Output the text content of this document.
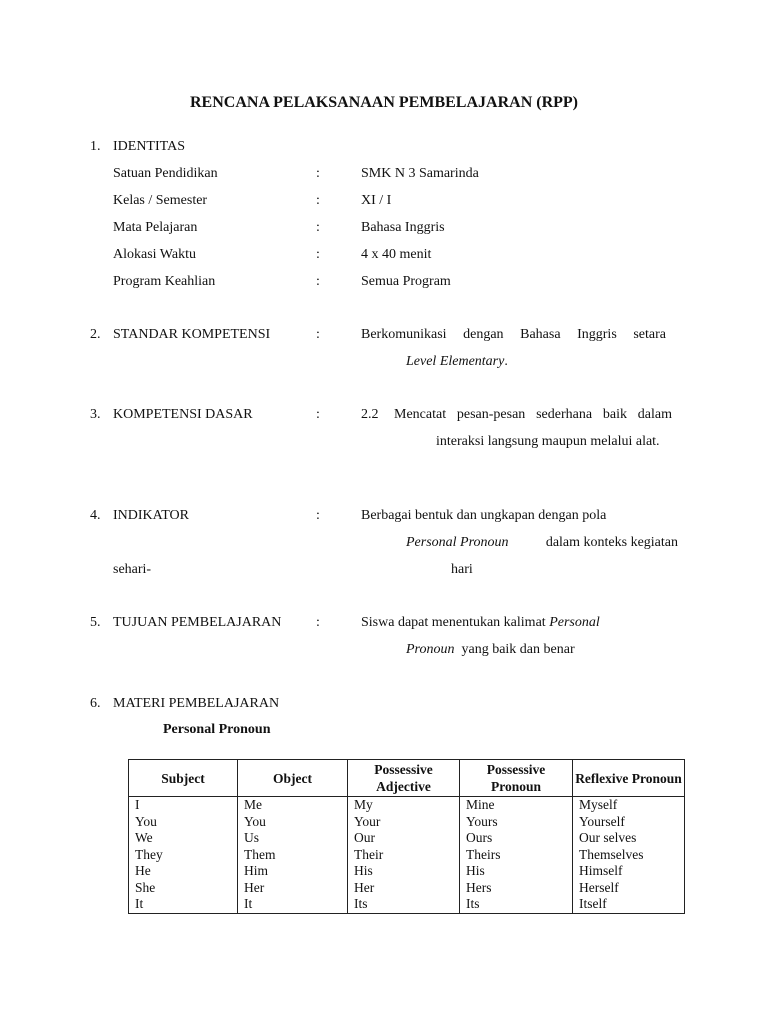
RENCANA PELAKSANAAN PEMBELAJARAN (RPP)
1. IDENTITAS
Satuan Pendidikan	:	SMK N 3 Samarinda
Kelas / Semester	:	XI / I
Mata Pelajaran	:	Bahasa Inggris
Alokasi Waktu	:	4 x 40 menit
Program Keahlian	:	Semua Program
2. STANDAR KOMPETENSI	:	Berkomunikasi dengan Bahasa Inggris setara
Level Elementary.
3. KOMPETENSI DASAR	:	2.2 Mencatat pesan-pesan sederhana baik dalam
interaksi langsung maupun melalui alat.
4. INDIKATOR	:	Berbagai bentuk dan ungkapan dengan pola
Personal Pronoun	dalam konteks kegiatan
sehari-	hari
5. TUJUAN PEMBELAJARAN :	Siswa dapat menentukan kalimat Personal
Pronoun yang baik dan benar
6. MATERI PEMBELAJARAN
Personal Pronoun
Subject	Object	Possessive Adjective	Possessive Pronoun	Reflexive Pronoun
I	Me	My	Mine	Myself
You	You	Your	Yours	Yourself
We	Us	Our	Ours	Our selves
They	Them	Their	Theirs	Themselves
He	Him	His	His	Himself
She	Her	Her	Hers	Herself
It	It	Its	Its	Itself
